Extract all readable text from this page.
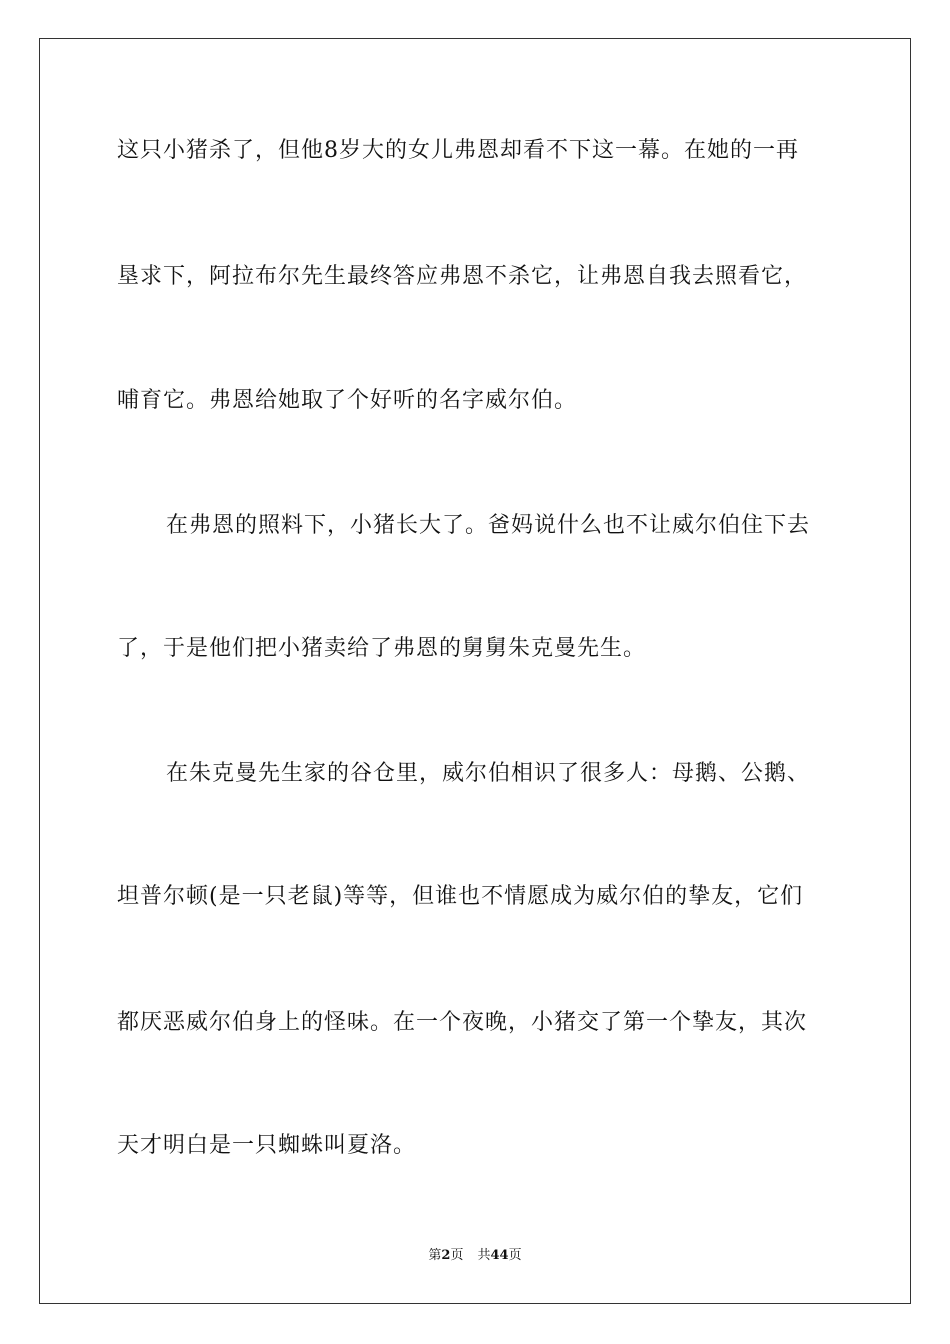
这只小猪杀了，但他8岁大的女儿弗恩却看不下这一幕。在她的一再
垦求下，阿拉布尔先生最终答应弗恩不杀它，让弗恩自我去照看它，
哺育它。弗恩给她取了个好听的名字威尔伯。
在弗恩的照料下，小猪长大了。爸妈说什么也不让威尔伯住下去
了，于是他们把小猪卖给了弗恩的舅舅朱克曼先生。
在朱克曼先生家的谷仓里，威尔伯相识了很多人：母鹅、公鹅、
坦普尔顿(是一只老鼠)等等，但谁也不情愿成为威尔伯的挚友，它们
都厌恶威尔伯身上的怪味。在一个夜晚，小猪交了第一个挚友，其次
天才明白是一只蜘蛛叫夏洛。
第2页 共44页
